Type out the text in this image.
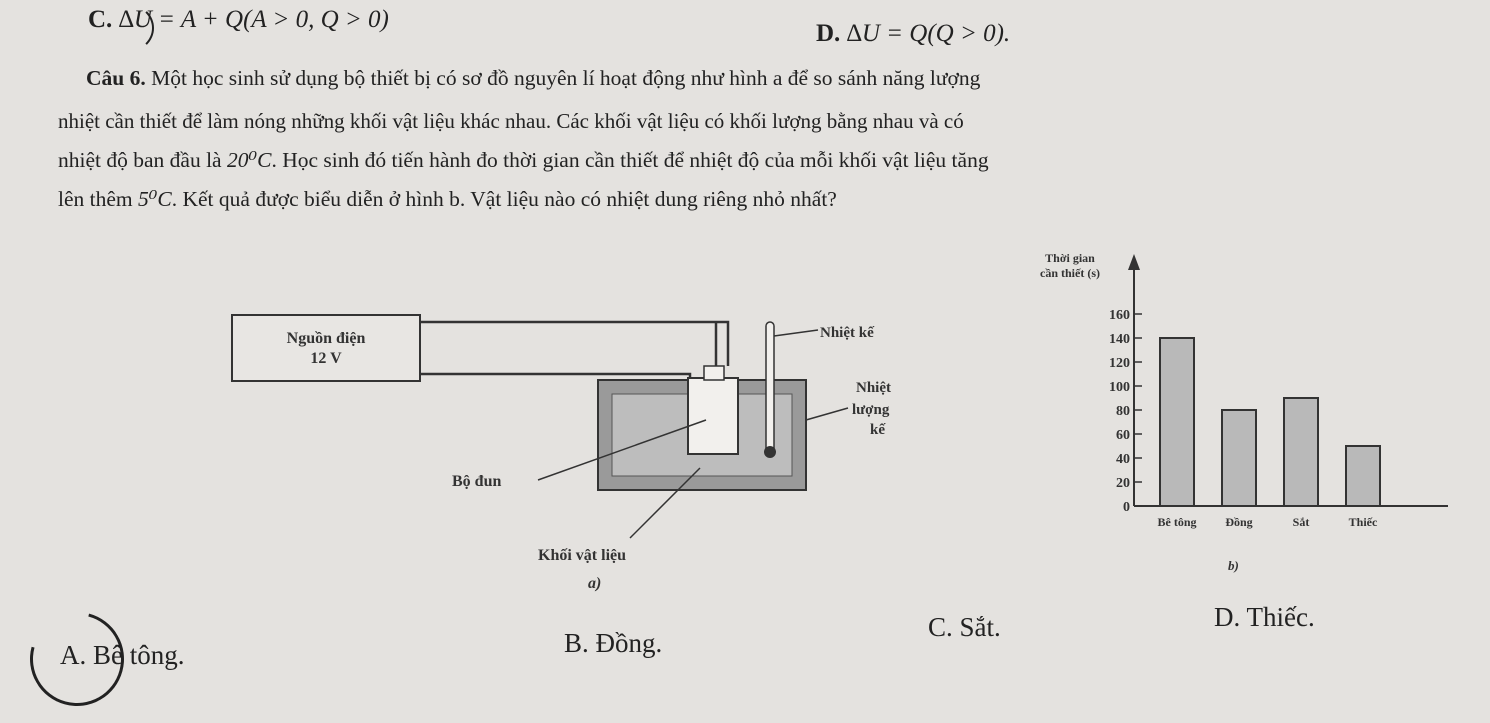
C. ∆U = A + Q(A > 0, Q > 0)
D. ∆U = Q(Q > 0).
Câu 6. Một học sinh sử dụng bộ thiết bị có sơ đồ nguyên lí hoạt động như hình a để so sánh năng lượng
nhiệt cần thiết để làm nóng những khối vật liệu khác nhau. Các khối vật liệu có khối lượng bằng nhau và có
nhiệt độ ban đầu là 20⁰C. Học sinh đó tiến hành đo thời gian cần thiết để nhiệt độ của mỗi khối vật liệu tăng
lên thêm 5⁰C. Kết quả được biểu diễn ở hình b. Vật liệu nào có nhiệt dung riêng nhỏ nhất?
Nguồn điện
12 V
Nhiệt kế
Nhiệt
lượng
kế
Bộ đun
Khối vật liệu
a)
Thời gian
cần thiết (s)
0
20
40
60
80
100
120
140
160
Bê tông Đồng	Sắt	Thiếc
b)
A. Bê tông.	B. Đồng.
C. Sắt.	D. Thiếc.
